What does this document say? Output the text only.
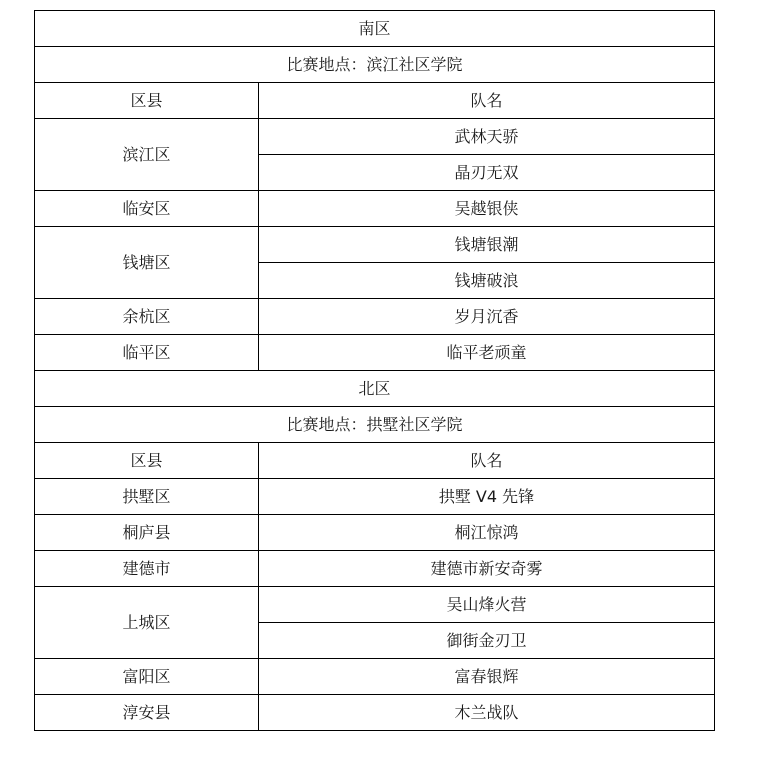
南区	
比赛地点：滨江社区学院	
区县	队名
滨江区	武林天骄
	晶刃无双
临安区	吴越银侠
钱塘区	钱塘银潮
	钱塘破浪
余杭区	岁月沉香
临平区	临平老顽童
北区	
比赛地点：拱墅社区学院	
区县	队名
拱墅区	拱墅 V4 先锋
桐庐县	桐江惊鸿
建德市	建德市新安奇雾
上城区	吴山烽火营
	御街金刃卫
富阳区	富春银辉
淳安县	木兰战队
